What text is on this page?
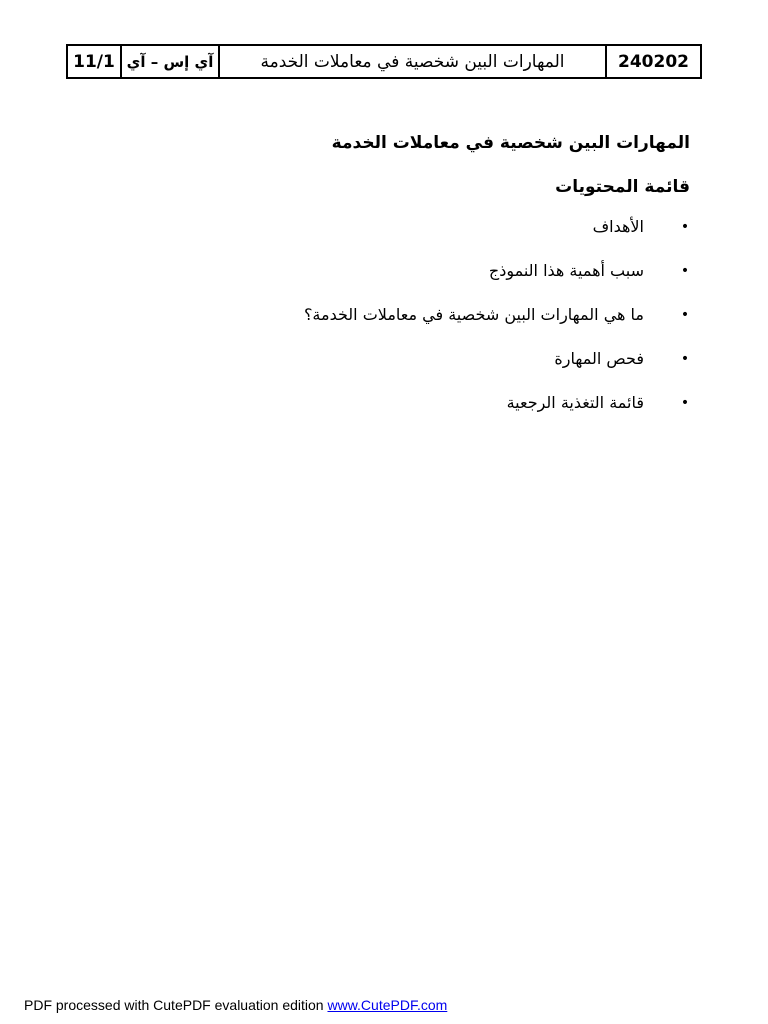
240202
المهارات البين شخصية في معاملات الخدمة
آي إس – آي
11/1
المهارات البين شخصية في معاملات الخدمة
قائمة المحتويات
•
الأهداف
•
سبب أهمية هذا النموذج
•
ما هي المهارات البين شخصية في معاملات الخدمة؟
•
فحص المهارة
•
قائمة التغذية الرجعية
PDF processed with CutePDF evaluation edition www.CutePDF.com
